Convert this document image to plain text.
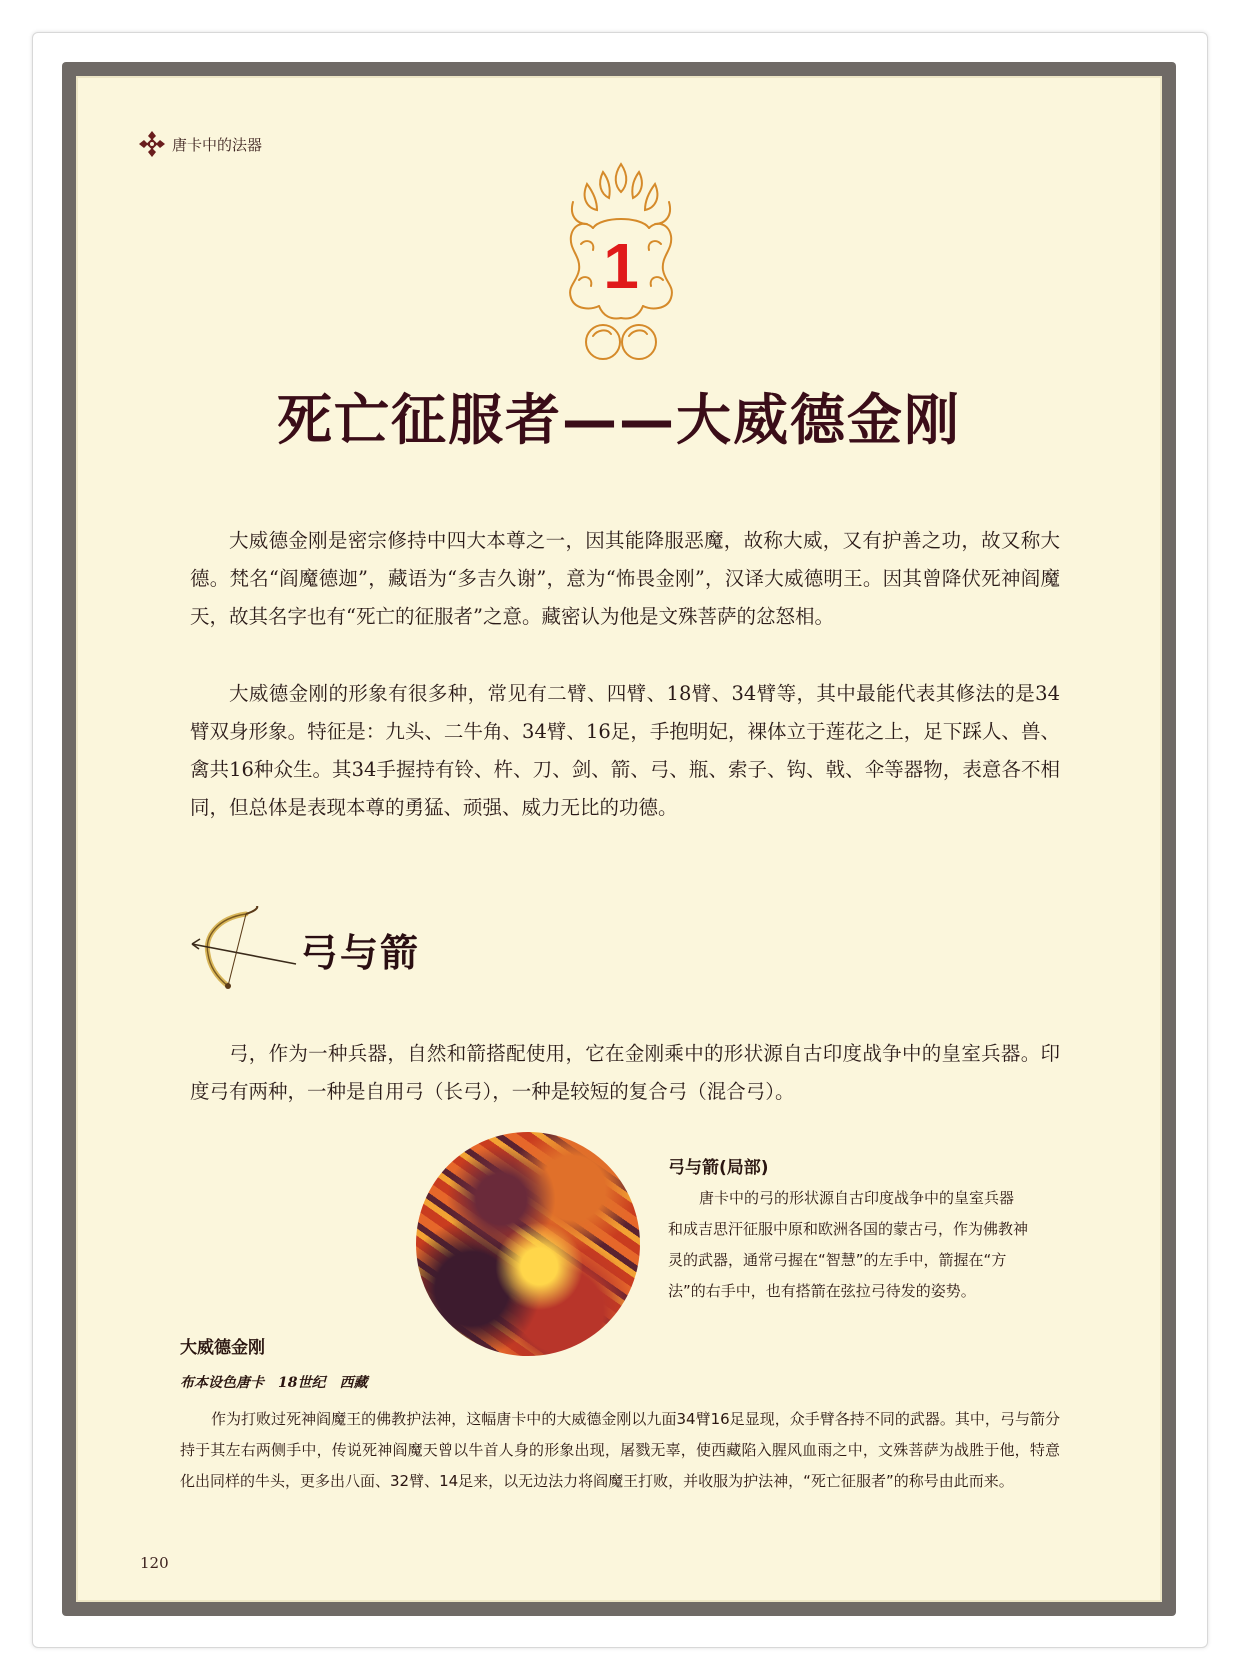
唐卡中的法器
1
死亡征服者——大威德金刚

大威德金刚是密宗修持中四大本尊之一，因其能降服恶魔，故称大威，又有护善之功，故又称大德。梵名“阎魔德迦”，藏语为“多吉久谢”，意为“怖畏金刚”，汉译大威德明王。因其曾降伏死神阎魔天，故其名字也有“死亡的征服者”之意。藏密认为他是文殊菩萨的忿怒相。

大威德金刚的形象有很多种，常见有二臂、四臂、18臂、34臂等，其中最能代表其修法的是34臂双身形象。特征是：九头、二牛角、34臂、16足，手抱明妃，裸体立于莲花之上，足下踩人、兽、禽共16种众生。其34手握持有铃、杵、刀、剑、箭、弓、瓶、索子、钩、戟、伞等器物，表意各不相同，但总体是表现本尊的勇猛、顽强、威力无比的功德。

弓与箭

弓，作为一种兵器，自然和箭搭配使用，它在金刚乘中的形状源自古印度战争中的皇室兵器。印度弓有两种，一种是自用弓（长弓），一种是较短的复合弓（混合弓）。

弓与箭(局部)

唐卡中的弓的形状源自古印度战争中的皇室兵器和成吉思汗征服中原和欧洲各国的蒙古弓，作为佛教神灵的武器，通常弓握在“智慧”的左手中，箭握在“方法”的右手中，也有搭箭在弦拉弓待发的姿势。

大威德金刚
布本设色唐卡　18世纪　西藏

作为打败过死神阎魔王的佛教护法神，这幅唐卡中的大威德金刚以九面34臂16足显现，众手臂各持不同的武器。其中，弓与箭分持于其左右两侧手中，传说死神阎魔天曾以牛首人身的形象出现，屠戮无辜，使西藏陷入腥风血雨之中，文殊菩萨为战胜于他，特意化出同样的牛头，更多出八面、32臂、14足来，以无边法力将阎魔王打败，并收服为护法神，“死亡征服者”的称号由此而来。

120
